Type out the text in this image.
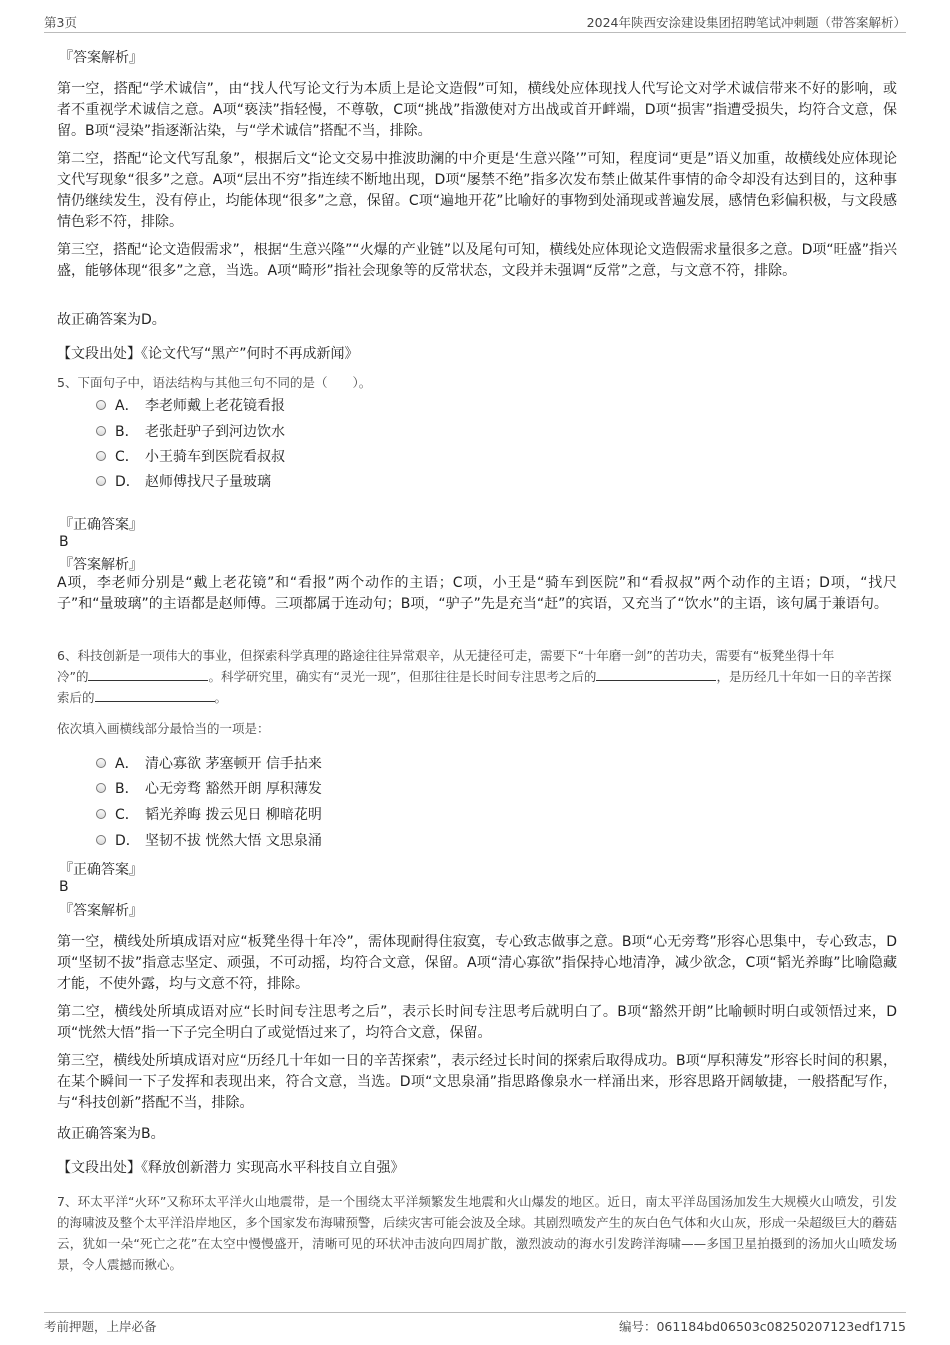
第3页	2024年陕西安涂建设集团招聘笔试冲刺题（带答案解析）
『答案解析』
第一空，搭配“学术诚信”，由“找人代写论文行为本质上是论文造假”可知，横线处应体现找人代写论文对学术诚信带来不好的影响，或者不重视学术诚信之意。A项“亵渎”指轻慢，不尊敬，C项“挑战”指激使对方出战或首开衅端，D项“损害”指遭受损失，均符合文意，保留。B项“浸染”指逐渐沾染，与“学术诚信”搭配不当，排除。
第二空，搭配“论文代写乱象”，根据后文“论文交易中推波助澜的中介更是‘生意兴隆’”可知，程度词“更是”语义加重，故横线处应体现论文代写现象“很多”之意。A项“层出不穷”指连续不断地出现，D项“屡禁不绝”指多次发布禁止做某件事情的命令却没有达到目的，这种事情仍继续发生，没有停止，均能体现“很多”之意，保留。C项“遍地开花”比喻好的事物到处涌现或普遍发展，感情色彩偏积极，与文段感情色彩不符，排除。
第三空，搭配“论文造假需求”，根据“生意兴隆”“火爆的产业链”以及尾句可知，横线处应体现论文造假需求量很多之意。D项“旺盛”指兴盛，能够体现“很多”之意，当选。A项“畸形”指社会现象等的反常状态，文段并未强调“反常”之意，与文意不符，排除。
故正确答案为D。
【文段出处】《论文代写“黑产”何时不再成新闻》
5、下面句子中，语法结构与其他三句不同的是（　　）。
A． 李老师戴上老花镜看报
B． 老张赶驴子到河边饮水
C． 小王骑车到医院看叔叔
D． 赵师傅找尺子量玻璃
『正确答案』
B
『答案解析』
A项，李老师分别是“戴上老花镜”和“看报”两个动作的主语；C项，小王是“骑车到医院”和“看叔叔”两个动作的主语；D项，“找尺子”和“量玻璃”的主语都是赵师傅。三项都属于连动句；B项，“驴子”先是充当“赶”的宾语，又充当了“饮水”的主语，该句属于兼语句。
6、科技创新是一项伟大的事业，但探索科学真理的路途往往异常艰辛，从无捷径可走，需要下“十年磨一剑”的苦功夫，需要有“板凳坐得十年
冷”的	。科学研究里，确实有“灵光一现”，但那往往是长时间专注思考之后的	，是历经几十年如一日的辛苦探
索后的	。
依次填入画横线部分最恰当的一项是：
A． 清心寡欲 茅塞顿开 信手拈来
B． 心无旁骛 豁然开朗 厚积薄发
C． 韬光养晦 拨云见日 柳暗花明
D． 坚韧不拔 恍然大悟 文思泉涌
『正确答案』
B
『答案解析』
第一空，横线处所填成语对应“板凳坐得十年冷”，需体现耐得住寂寞，专心致志做事之意。B项“心无旁骛”形容心思集中，专心致志，D项“坚韧不拔”指意志坚定、顽强，不可动摇，均符合文意，保留。A项“清心寡欲”指保持心地清净，减少欲念，C项“韬光养晦”比喻隐藏才能，不使外露，均与文意不符，排除。
第二空，横线处所填成语对应“长时间专注思考之后”，表示长时间专注思考后就明白了。B项“豁然开朗”比喻顿时明白或领悟过来，D项“恍然大悟”指一下子完全明白了或觉悟过来了，均符合文意，保留。
第三空，横线处所填成语对应“历经几十年如一日的辛苦探索”，表示经过长时间的探索后取得成功。B项“厚积薄发”形容长时间的积累，在某个瞬间一下子发挥和表现出来，符合文意，当选。D项“文思泉涌”指思路像泉水一样涌出来，形容思路开阔敏捷，一般搭配写作，与“科技创新”搭配不当，排除。
故正确答案为B。
【文段出处】《释放创新潜力 实现高水平科技自立自强》
7、环太平洋“火环”又称环太平洋火山地震带，是一个围绕太平洋频繁发生地震和火山爆发的地区。近日，南太平洋岛国汤加发生大规模火山喷发，引发的海啸波及整个太平洋沿岸地区，多个国家发布海啸预警，后续灾害可能会波及全球。其剧烈喷发产生的灰白色气体和火山灰，形成一朵超级巨大的蘑菇云，犹如一朵“死亡之花”在太空中慢慢盛开，清晰可见的环状冲击波向四周扩散，激烈波动的海水引发跨洋海啸——多国卫星拍摄到的汤加火山喷发场景，令人震撼而揪心。
考前押题，上岸必备	编号：061184bd06503c08250207123edf1715
